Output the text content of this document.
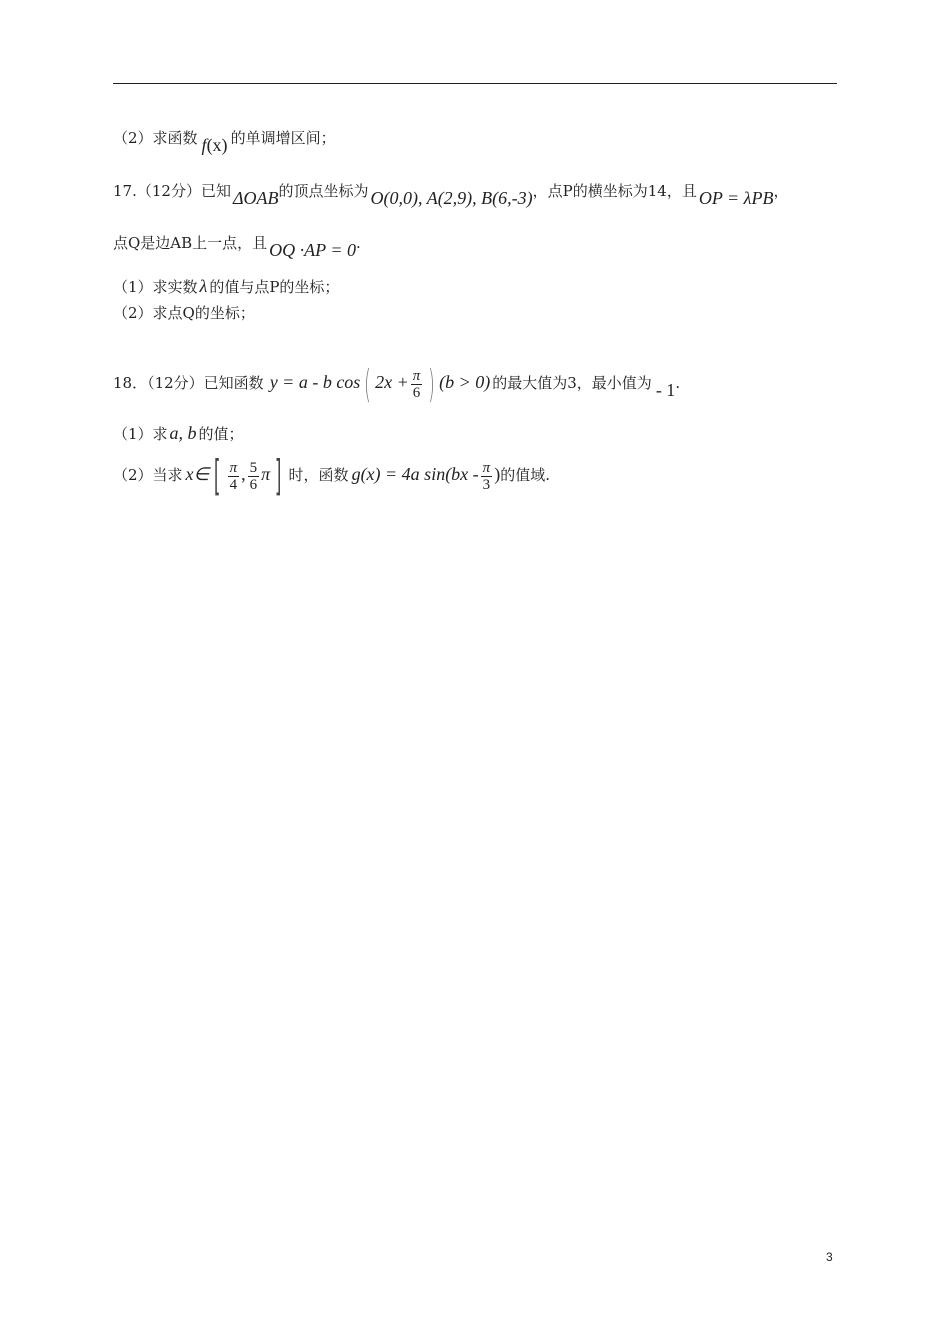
（2）求函数 f(x) 的单调增区间；
17.（12分）已知 ΔOAB的顶点坐标为 O(0,0), A(2,9), B(6,-3)，点P的横坐标为14，且 OP = λPB，
点Q是边AB上一点，且 OQ ·AP = 0.
（1）求实数 λ 的值与点P的坐标；
（2）求点Q的坐标；
18．（12分）已知函数 y = a - b cos ( $2x + \frac{\pi}{6}$ ) (b > 0) 的最大值为3，最小值为 - 1.
（1）求 a, b 的值；
（2）当求 x∈ [ $\frac{\pi}{4}$ , $\frac{5}{6}$ π ] 时，函数 g(x) = 4a $\sin(bx - \frac{\pi}{3}$ )的值域.
3
